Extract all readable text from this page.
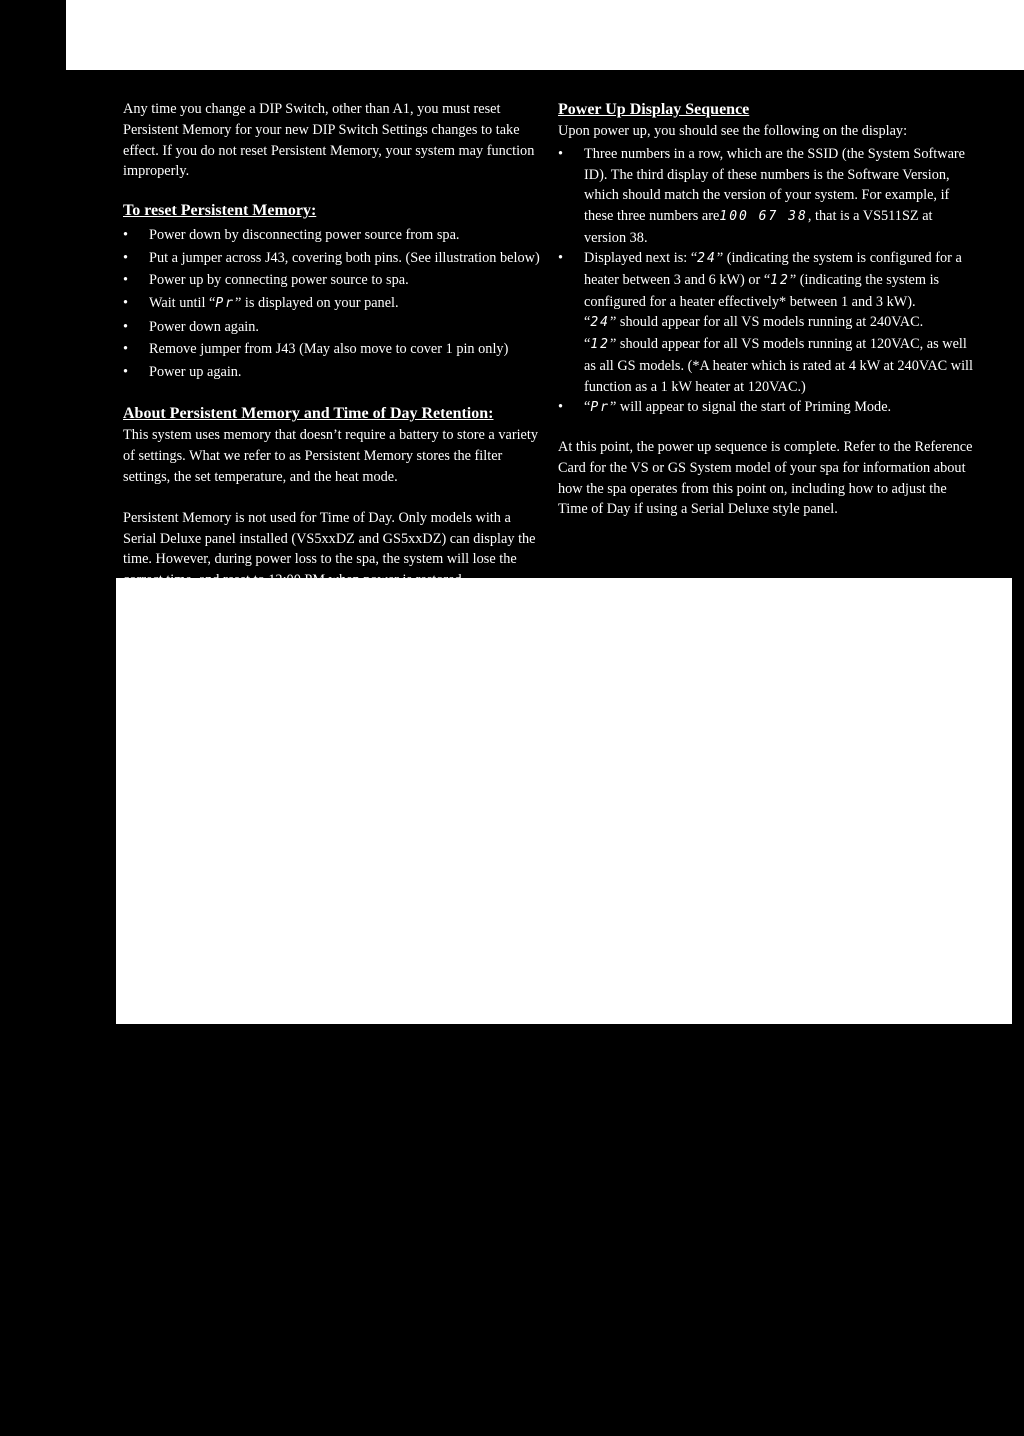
Any time you change a DIP Switch, other than A1, you must reset Persistent Memory for your new DIP Switch Settings changes to take effect. If you do not reset Persistent Memory, your system may function improperly.

To reset Persistent Memory:
• Power down by disconnecting power source from spa.
• Put a jumper across J43, covering both pins. (See illustration below)
• Power up by connecting power source to spa.
• Wait until “Pr” is displayed on your panel.
• Power down again.
• Remove jumper from J43 (May also move to cover 1 pin only)
• Power up again.
About Persistent Memory and Time of Day Retention:

This system uses memory that doesn’t require a battery to store a variety of settings. What we refer to as Persistent Memory stores the filter settings, the set temperature, and the heat mode.

Persistent Memory is not used for Time of Day. Only models with a Serial Deluxe panel installed (VS5xxDZ and GS5xxDZ) can display the time. However, during power loss to the spa, the system will lose the

Power Up Display Sequence

Upon power up, you should see the following on the display:

• Three numbers in a row, which are the SSID (the System Software ID). The third display of these numbers is the Software Version, which should match the version of your system. For example, if these three numbers are100 67 38, that is a VS511SZ at version 38.
• Displayed next is: “24” (indicating the system is configured for a heater between 3 and 6 kW) or “12” (indicating the system is configured for a heater effectively* between 1 and 3 kW).
“24” should appear for all VS models running at 240VAC.
“12” should appear for all VS models running at 120VAC, as well as all GS models. (*A heater which is rated at 4 kW at 240VAC will function as a 1 kW heater at 120VAC.)
• “Pr” will appear to signal the start of Priming Mode.

At this point, the power up sequence is complete. Refer to the Reference Card for the VS or GS System model of your spa for information about how the spa operates from this point on, including how to adjust the Time of Day if using a Serial Deluxe style panel.
